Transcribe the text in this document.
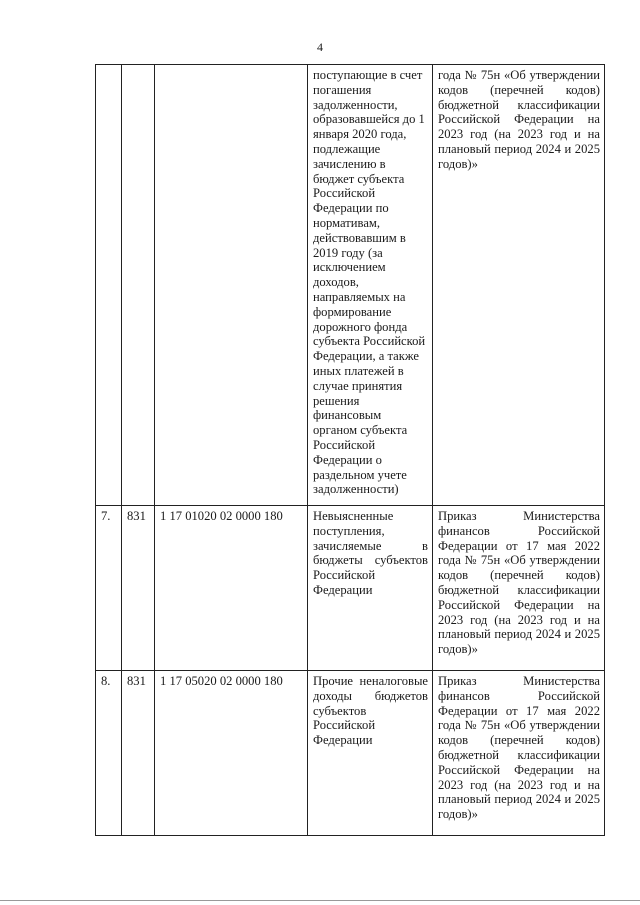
4
			поступающие в счет погашения задолженности, образовавшейся до 1 января 2020 года, подлежащие зачислению в бюджет субъекта Российской Федерации по нормативам, действовавшим в 2019 году (за исключением доходов, направляемых на формирование дорожного фонда субъекта Российской Федерации, а также иных платежей в случае принятия решения финансовым органом субъекта Российской Федерации о раздельном учете задолженности)	года № 75н «Об утверждении кодов (перечней кодов) бюджетной классификации Российской Федерации на 2023 год (на 2023 год и на плановый период 2024 и 2025 годов)»
7.	831	1 17 01020 02 0000 180	Невыясненные поступления, зачисляемые в бюджеты субъектов Российской Федерации	Приказ Министерства финансов Российской Федерации от 17 мая 2022 года № 75н «Об утверждении кодов (перечней кодов) бюджетной классификации Российской Федерации на 2023 год (на 2023 год и на плановый период 2024 и 2025 годов)»
8.	831	1 17 05020 02 0000 180	Прочие неналоговые доходы бюджетов субъектов Российской Федерации	Приказ Министерства финансов Российской Федерации от 17 мая 2022 года № 75н «Об утверждении кодов (перечней кодов) бюджетной классификации Российской Федерации на 2023 год (на 2023 год и на плановый период 2024 и 2025 годов)»
